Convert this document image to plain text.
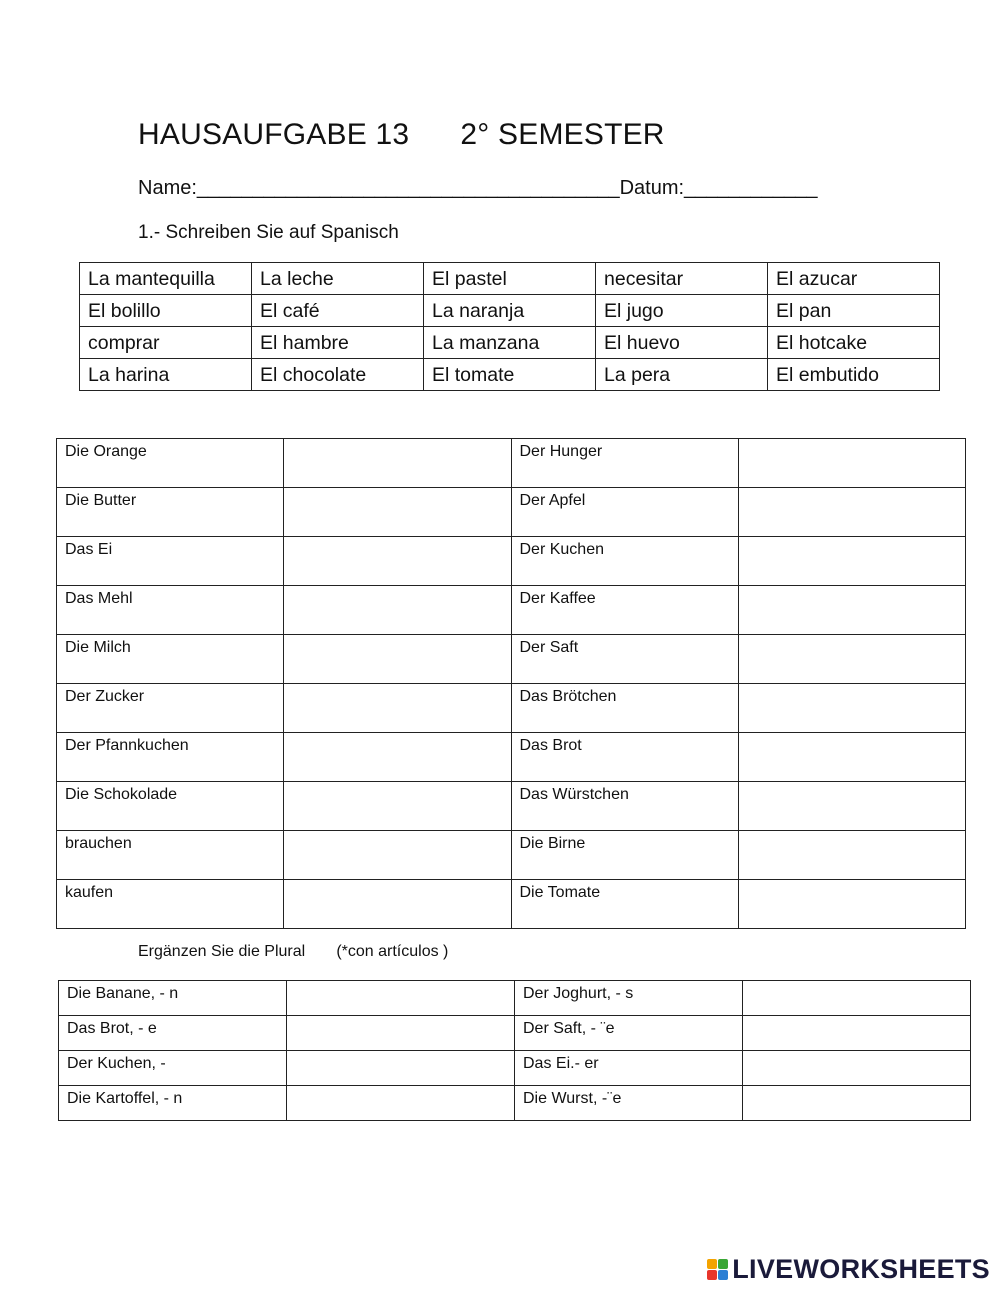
HAUSAUFGABE 13      2° SEMESTER
Name:______________________________________Datum:____________
1.- Schreiben Sie auf Spanisch
La mantequilla	La leche	El pastel	necesitar	El azucar
El bolillo	El café	La naranja	El jugo	El pan
comprar	El hambre	La manzana	El huevo	El hotcake
La harina	El chocolate	El tomate	La pera	El embutido
Die Orange		Der Hunger	
Die Butter		Der Apfel	
Das Ei		Der Kuchen	
Das Mehl		Der Kaffee	
Die Milch		Der Saft	
Der Zucker		Das Brötchen	
Der Pfannkuchen		Das Brot	
Die Schokolade		Das Würstchen	
brauchen		Die Birne	
kaufen		Die Tomate	
Ergänzen Sie die Plural       (*con artículos )
Die Banane, - n		Der Joghurt, - s	
Das Brot, - e		Der Saft, - ¨e	
Der Kuchen, -		Das Ei.- er	
Die Kartoffel, - n		Die Wurst, -¨e	
LIVEWORKSHEETS
